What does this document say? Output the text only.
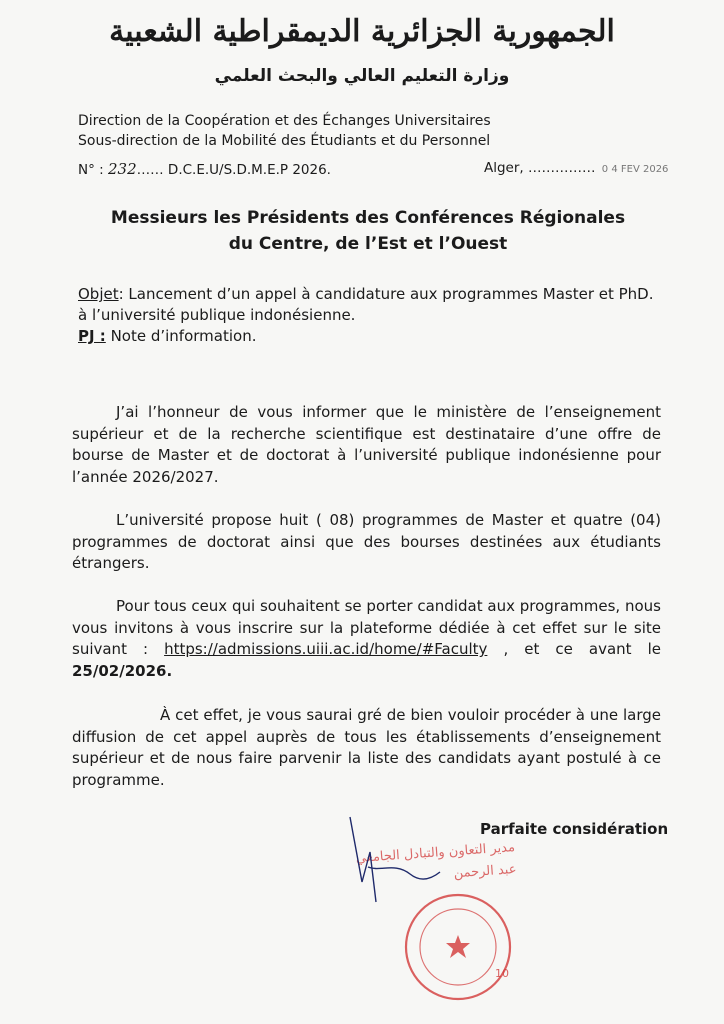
الجمهورية الجزائرية الديمقراطية الشعبية
وزارة التعليم العالي والبحث العلمي
Direction de la Coopération et des Échanges Universitaires
Sous-direction de la Mobilité des Étudiants et du Personnel
N° : 232…… D.C.E.U/S.D.M.E.P 2026.	Alger, …………… 0 4 FEV 2026
Messieurs les Présidents des Conférences Régionales
du Centre, de l’Est et l’Ouest
Objet: Lancement d’un appel à candidature aux programmes Master et PhD. à l’université publique indonésienne.
PJ : Note d’information.
J’ai l’honneur de vous informer que le ministère de l’enseignement supérieur et de la recherche scientifique est destinataire d’une offre de bourse de Master et de doctorat à l’université publique indonésienne pour l’année 2026/2027.
L’université propose huit ( 08) programmes de Master et quatre (04) programmes de doctorat ainsi que des bourses destinées aux étudiants étrangers.
Pour tous ceux qui souhaitent se porter candidat aux programmes, nous vous invitons à vous inscrire sur la plateforme dédiée à cet effet sur le site suivant : https://admissions.uiii.ac.id/home/#Faculty , et ce avant le 25/02/2026.
À cet effet, je vous saurai gré de bien vouloir procéder à une large diffusion de cet appel auprès de tous les établissements d’enseignement supérieur et de nous faire parvenir la liste des candidats ayant postulé à ce programme.
Parfaite considération
مدير التعاون والتبادل الجامعي
عبد الرحمن
10
